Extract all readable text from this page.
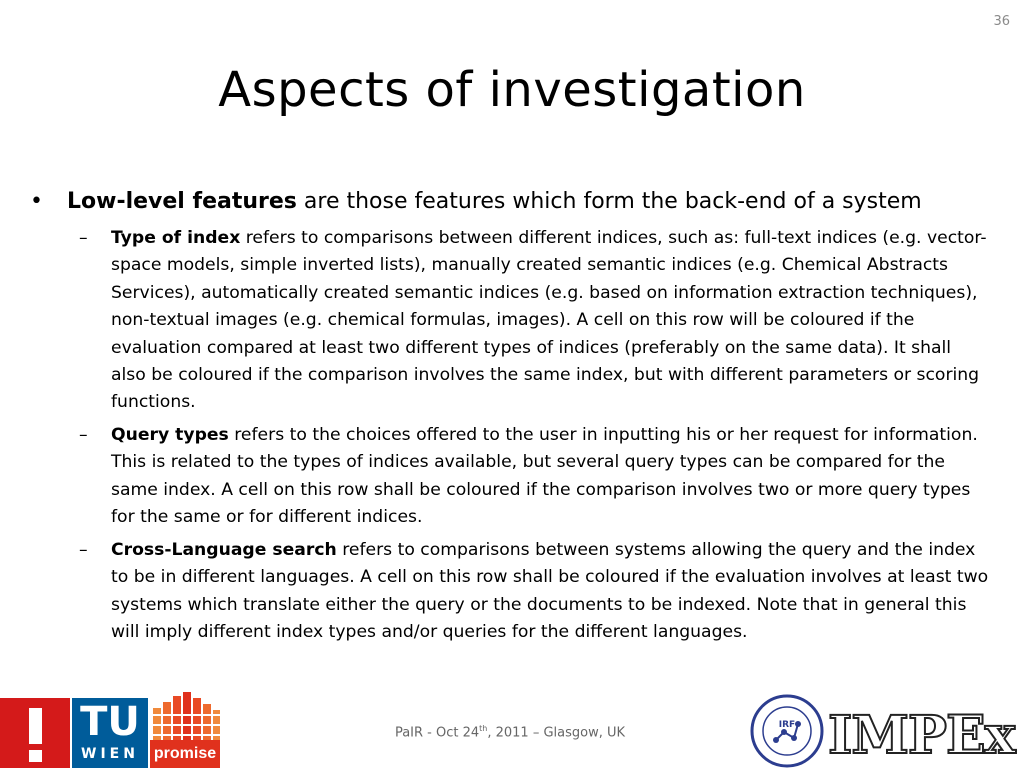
36
Aspects of investigation
• Low-level features are those features which form the back-end of a system
– Type of index refers to comparisons between different indices, such as: full-text indices (e.g. vector-space models, simple inverted lists), manually created semantic indices (e.g. Chemical Abstracts Services), automatically created semantic indices (e.g. based on information extraction techniques), non-textual images (e.g. chemical formulas, images). A cell on this row will be coloured if the evaluation compared at least two different types of indices (preferably on the same data). It shall also be coloured if the comparison involves the same index, but with different parameters or scoring functions.
– Query types refers to the choices offered to the user in inputting his or her request for information. This is related to the types of indices available, but several query types can be compared for the same index. A cell on this row shall be coloured if the comparison involves two or more query types for the same or for different indices.
– Cross-Language search refers to comparisons between systems allowing the query and the index to be in different languages. A cell on this row shall be coloured if the evaluation involves at least two systems which translate either the query or the documents to be indexed. Note that in general this will imply different index types and/or queries for the different languages.
PaIR - Oct 24th, 2011 – Glasgow, UK
TU
WIEN promise
IRF IMPEx
